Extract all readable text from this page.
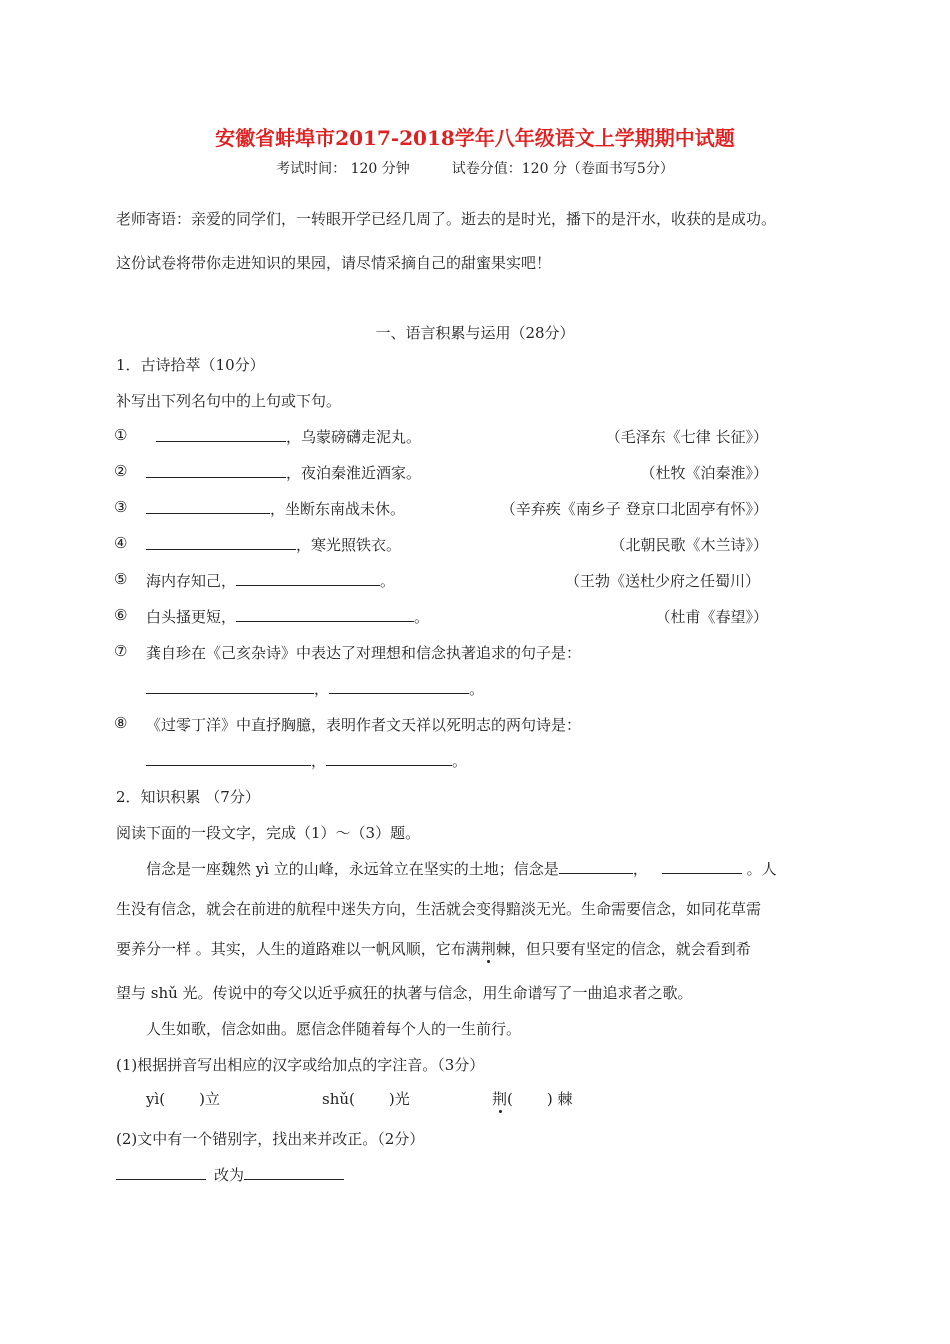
安徽省蚌埠市2017-2018学年八年级语文上学期期中试题
考试时间： 120 分钟	试卷分值：120 分（卷面书写5分）
老师寄语：亲爱的同学们，一转眼开学已经几周了。逝去的是时光，播下的是汗水，收获的是成功。
这份试卷将带你走进知识的果园，请尽情采摘自己的甜蜜果实吧！
一、语言积累与运用（28分）
1．古诗拾萃（10分）
补写出下列名句中的上句或下句。
①	，乌蒙磅礴走泥丸。	（毛泽东《七律 长征》）
②	，夜泊秦淮近酒家。	（杜牧《泊秦淮》）
③	，坐断东南战未休。	（辛弃疾《南乡子 登京口北固亭有怀》）
④	，寒光照铁衣。	（北朝民歌《木兰诗》）
⑤ 海内存知己，	。	（王勃《送杜少府之任蜀川）
⑥ 白头搔更短，	。	（杜甫《春望》）
⑦ 龚自珍在《己亥杂诗》中表达了对理想和信念执著追求的句子是：
，	。
⑧ 《过零丁洋》中直抒胸臆，表明作者文天祥以死明志的两句诗是：
，	。
2．知识积累 （7分）
阅读下面的一段文字，完成（1）～（3）题。
信念是一座魏然 yì 立的山峰，永远耸立在坚实的土地；信念是	，	。人
生没有信念，就会在前进的航程中迷失方向，生活就会变得黯淡无光。生命需要信念，如同花草需
要养分一样 。其实，人生的道路难以一帆风顺，它布满荆棘，但只要有坚定的信念，就会看到希
望与 shǔ 光。传说中的夸父以近乎疯狂的执著与信念，用生命谱写了一曲追求者之歌。
人生如歌，信念如曲。愿信念伴随着每个人的一生前行。
(1)根据拼音写出相应的汉字或给加点的字注音。（3分）
yì( )立	shǔ( )光	荆( ) 棘
(2)文中有一个错别字，找出来并改正。（2分）
改为
